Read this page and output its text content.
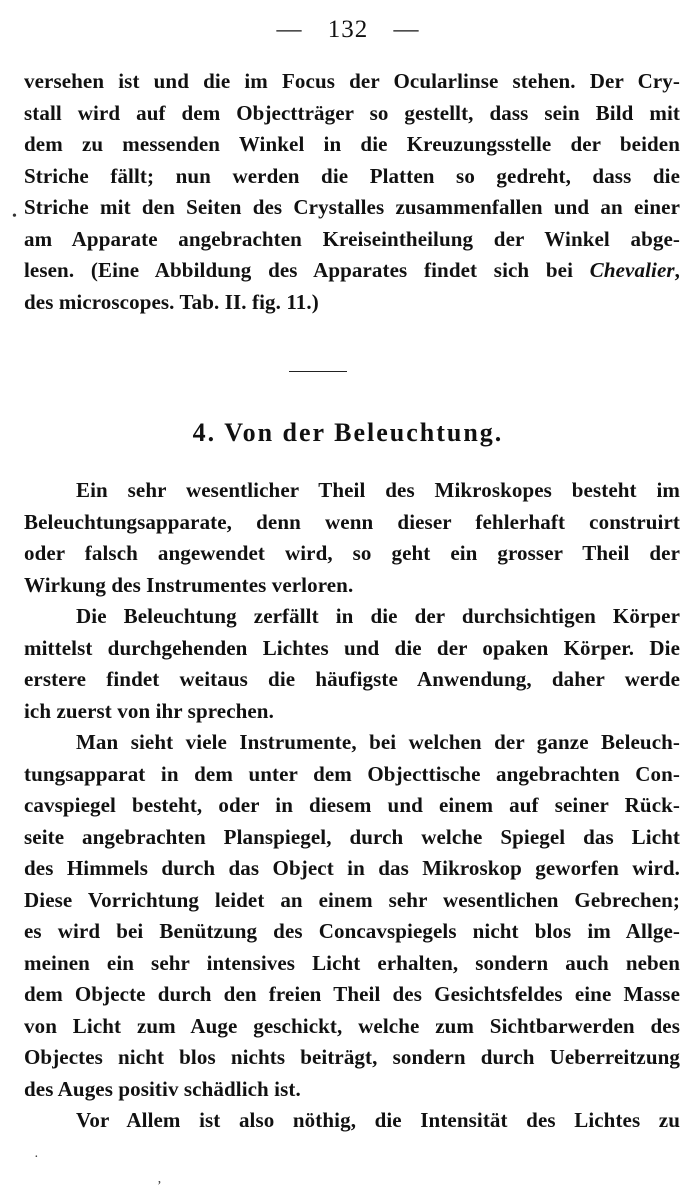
— 132 —
versehen ist und die im Focus der Ocularlinse stehen. Der Cry-
stall wird auf dem Objectträger so gestellt, dass sein Bild mit
dem zu messenden Winkel in die Kreuzungsstelle der beiden
Striche fällt; nun werden die Platten so gedreht, dass die
Striche mit den Seiten des Crystalles zusammenfallen und an einer
am Apparate angebrachten Kreiseintheilung der Winkel abge-
lesen. (Eine Abbildung des Apparates findet sich bei Chevalier,
des microscopes. Tab. II. fig. 11.)
4. Von der Beleuchtung.
Ein sehr wesentlicher Theil des Mikroskopes besteht im
Beleuchtungsapparate, denn wenn dieser fehlerhaft construirt
oder falsch angewendet wird, so geht ein grosser Theil der
Wirkung des Instrumentes verloren.
Die Beleuchtung zerfällt in die der durchsichtigen Körper
mittelst durchgehenden Lichtes und die der opaken Körper. Die
erstere findet weitaus die häufigste Anwendung, daher werde
ich zuerst von ihr sprechen.
Man sieht viele Instrumente, bei welchen der ganze Beleuch-
tungsapparat in dem unter dem Objecttische angebrachten Con-
cavspiegel besteht, oder in diesem und einem auf seiner Rück-
seite angebrachten Planspiegel, durch welche Spiegel das Licht
des Himmels durch das Object in das Mikroskop geworfen wird.
Diese Vorrichtung leidet an einem sehr wesentlichen Gebrechen;
es wird bei Benützung des Concavspiegels nicht blos im Allge-
meinen ein sehr intensives Licht erhalten, sondern auch neben
dem Objecte durch den freien Theil des Gesichtsfeldes eine Masse
von Licht zum Auge geschickt, welche zum Sichtbarwerden des
Objectes nicht blos nichts beiträgt, sondern durch Ueberreitzung
des Auges positiv schädlich ist.
Vor Allem ist also nöthig, die Intensität des Lichtes zu
•
·
ʼ
